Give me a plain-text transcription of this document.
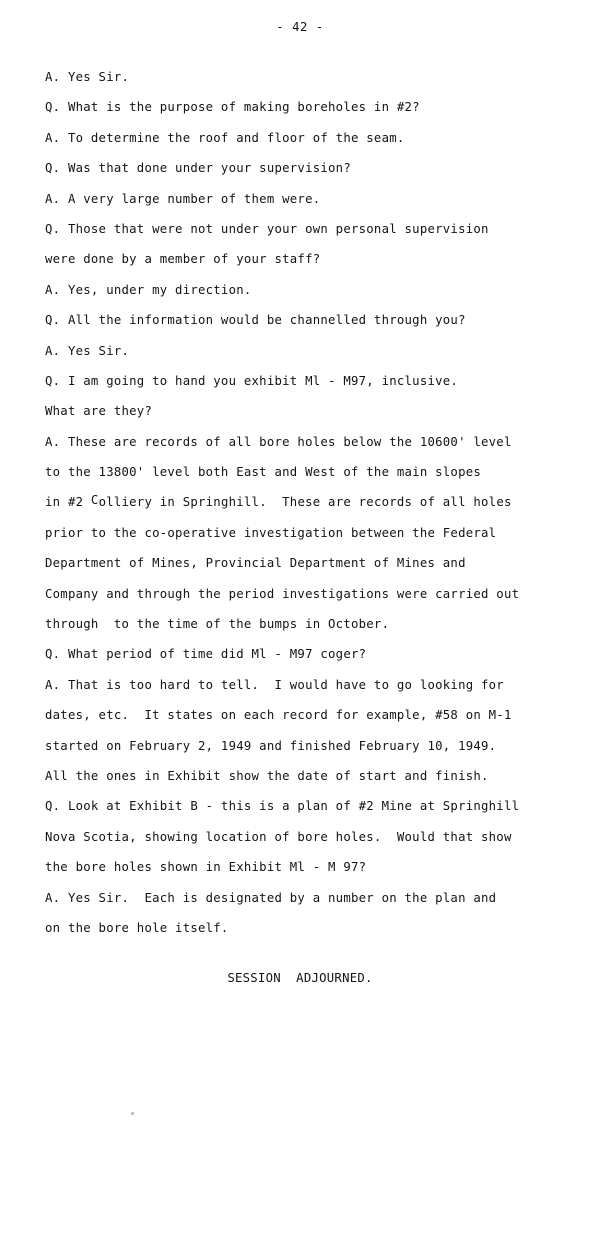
- 42 -
A. Yes Sir.
Q. What is the purpose of making boreholes in #2?
A. To determine the roof and floor of the seam.
Q. Was that done under your supervision?
A. A very large number of them were.
Q. Those that were not under your own personal supervision
were done by a member of your staff?
A. Yes, under my direction.
Q. All the information would be channelled through you?
A. Yes Sir.
Q. I am going to hand you exhibit Ml - M97, inclusive.
What are they?
A. These are records of all bore holes below the 10600' level
to the 13800' level both East and West of the main slopes
in #2 Colliery in Springhill.  These are records of all holes
prior to the co-operative investigation between the Federal
Department of Mines, Provincial Department of Mines and
Company and through the period investigations were carried out
through  to the time of the bumps in October.
Q. What period of time did Ml - M97 coger?
A. That is too hard to tell.  I would have to go looking for
dates, etc.  It states on each record for example, #58 on M-1
started on February 2, 1949 and finished February 10, 1949.
All the ones in Exhibit show the date of start and finish.
Q. Look at Exhibit B - this is a plan of #2 Mine at Springhill
Nova Scotia, showing location of bore holes.  Would that show
the bore holes shown in Exhibit Ml - M 97?
A. Yes Sir.  Each is designated by a number on the plan and
on the bore hole itself.
SESSION  ADJOURNED.
